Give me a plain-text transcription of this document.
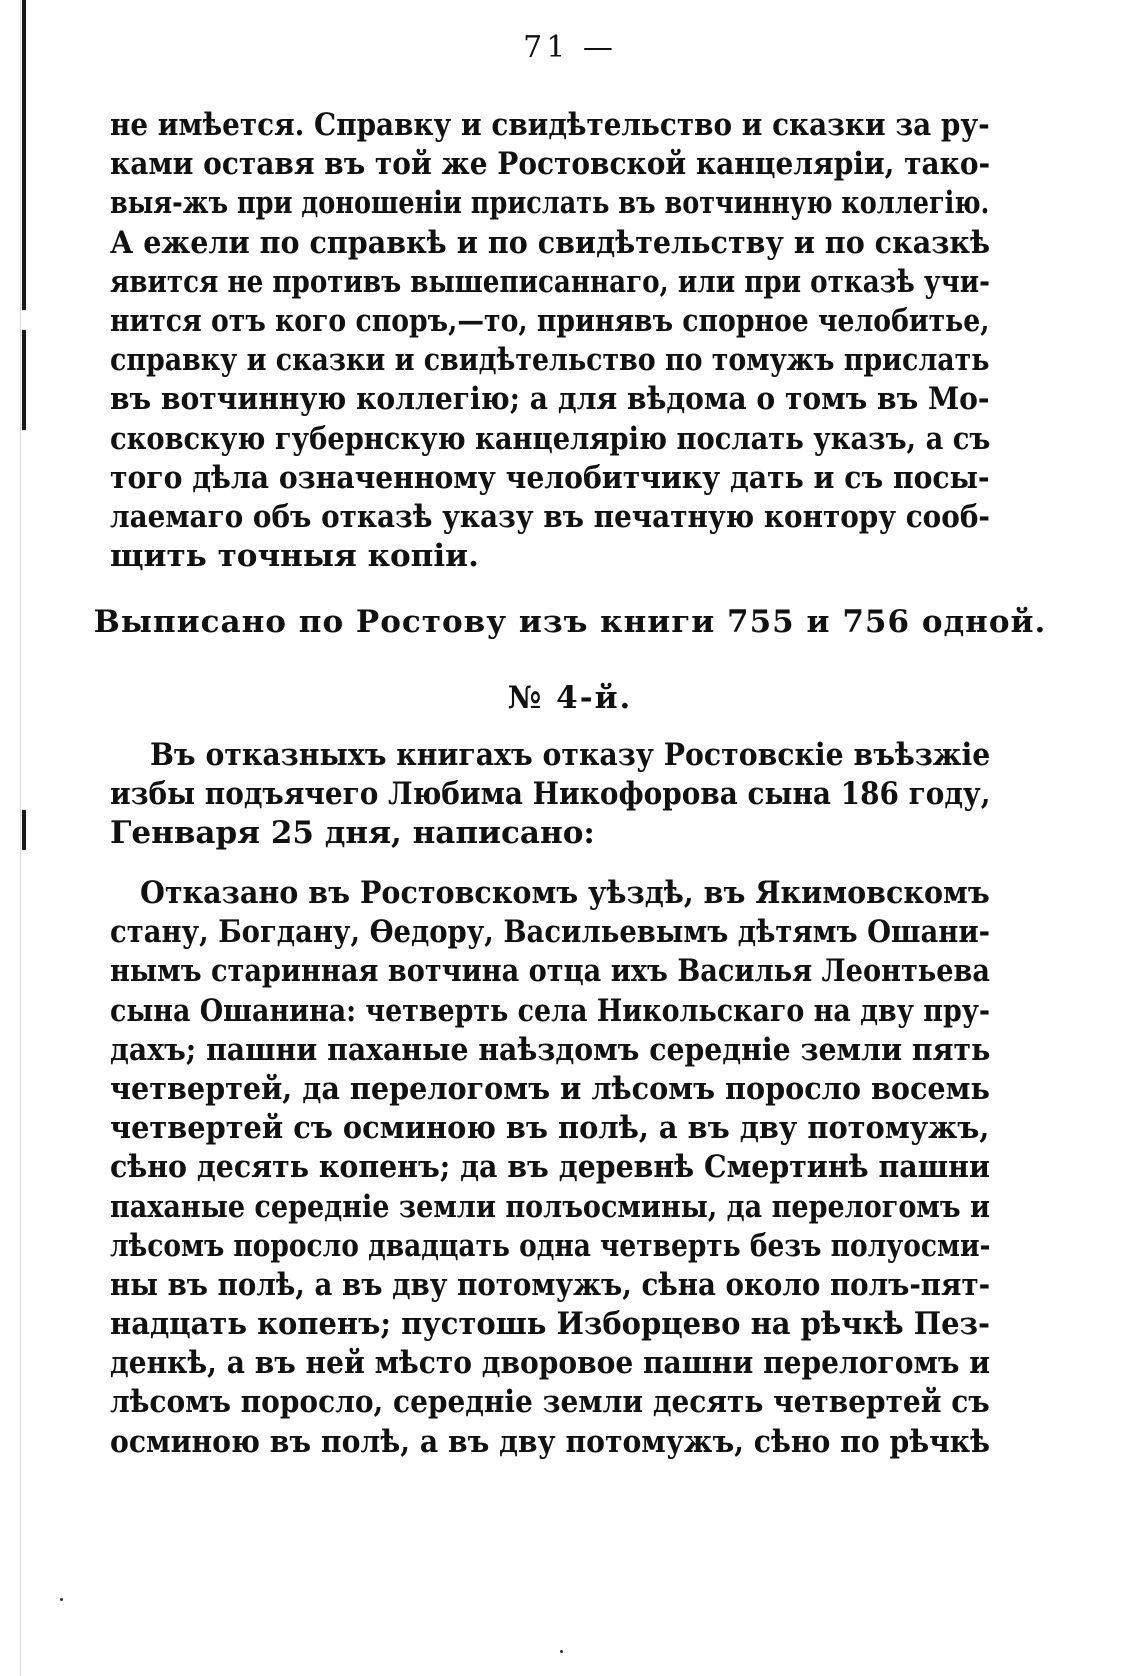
71 —
не имѣется. Справку и свидѣтельство и сказки за ру-
ками оставя въ той же Ростовской канцеляріи, тако-
выя-жъ при доношеніи прислать въ вотчинную коллегію.
А ежели по справкѣ и по свидѣтельству и по сказкѣ
явится не противъ вышеписаннаго, или при отказѣ учи-
нится отъ кого споръ,—то, принявъ спорное челобитье,
справку и сказки и свидѣтельство по томужъ прислать
въ вотчинную коллегію; а для вѣдома о томъ въ Мо-
сковскую губернскую канцелярію послать указъ, а съ
того дѣла означенному челобитчику дать и съ посы-
лаемаго объ отказѣ указу въ печатную контору сооб-
щить точныя копіи.
Выписано по Ростову изъ книги 755 и 756 одной.
№ 4-й.
Въ отказныхъ книгахъ отказу Ростовскіе въѣзжіе
избы подъячего Любима Никофорова сына 186 году,
Генваря 25 дня, написано:
Отказано въ Ростовскомъ уѣздѣ, въ Якимовскомъ
стану, Богдану, Ѳедору, Васильевымъ дѣтямъ Ошани-
нымъ старинная вотчина отца ихъ Василья Леонтьева
сына Ошанина: четверть села Никольскаго на дву пру-
дахъ; пашни паханые наѣздомъ середніе земли пять
четвертей, да перелогомъ и лѣсомъ поросло восемь
четвертей съ осминою въ полѣ, а въ дву потомужъ,
сѣно десять копенъ; да въ деревнѣ Смертинѣ пашни
паханые середніе земли полъосмины, да перелогомъ и
лѣсомъ поросло двадцать одна четверть безъ полуосми-
ны въ полѣ, а въ дву потомужъ, сѣна около полъ-пят-
надцать копенъ; пустошь Изборцево на рѣчкѣ Пез-
денкѣ, а въ ней мѣсто дворовое пашни перелогомъ и
лѣсомъ поросло, середніе земли десять четвертей съ
осминою въ полѣ, а въ дву потомужъ, сѣно по рѣчкѣ
